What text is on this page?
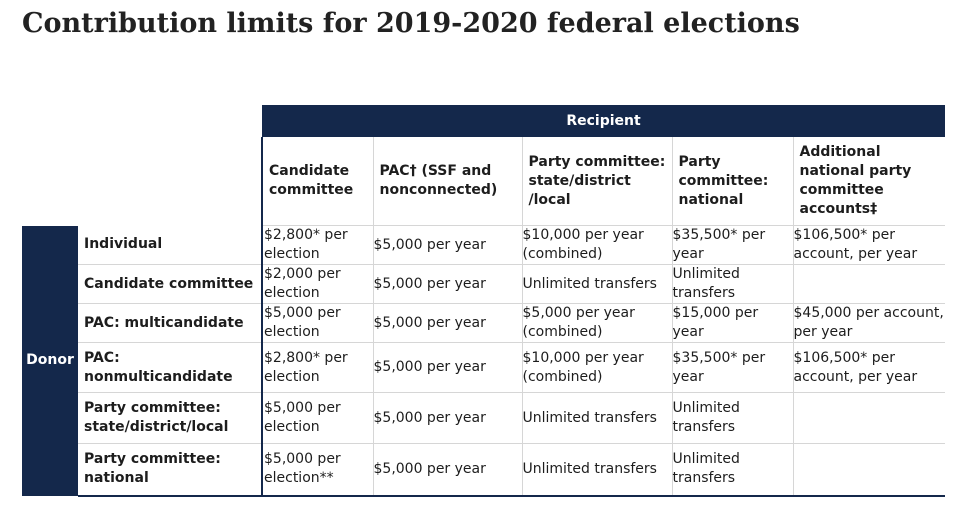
Contribution limits for 2019-2020 federal elections
		Recipient				
		Candidate committee	PAC† (SSF and nonconnected)	Party committee: state/district /local	Party committee: national	Additional national party committee accounts‡
Donor	Individual	$2,800* per election	$5,000 per year	$10,000 per year (combined)	$35,500* per year	$106,500* per account, per year
	Candidate committee	$2,000 per election	$5,000 per year	Unlimited transfers	Unlimited transfers	
	PAC: multicandidate	$5,000 per election	$5,000 per year	$5,000 per year (combined)	$15,000 per year	$45,000 per account, per year
	PAC: nonmulticandidate	$2,800* per election	$5,000 per year	$10,000 per year (combined)	$35,500* per year	$106,500* per account, per year
	Party committee: state/district/local	$5,000 per election	$5,000 per year	Unlimited transfers	Unlimited transfers	
	Party committee: national	$5,000 per election**	$5,000 per year	Unlimited transfers	Unlimited transfers	
